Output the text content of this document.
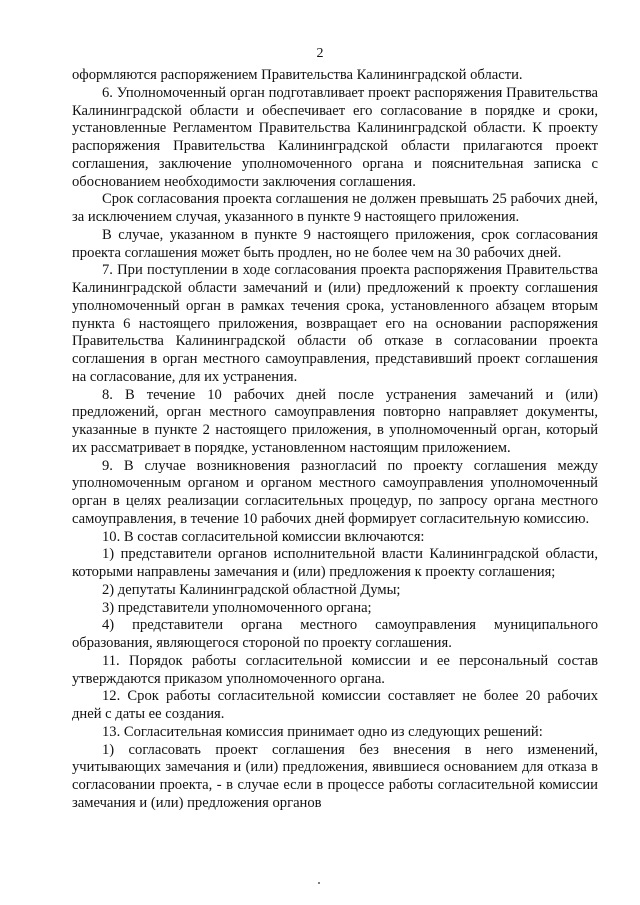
2

оформляются распоряжением Правительства Калининградской области.

6. Уполномоченный орган подготавливает проект распоряжения Правительства Калининградской области и обеспечивает его согласование в порядке и сроки, установленные Регламентом Правительства Калининградской области. К проекту распоряжения Правительства Калининградской области прилагаются проект соглашения, заключение уполномоченного органа и пояснительная записка с обоснованием необходимости заключения соглашения.

Срок согласования проекта соглашения не должен превышать 25 рабочих дней, за исключением случая, указанного в пункте 9 настоящего приложения.

В случае, указанном в пункте 9 настоящего приложения, срок согласования проекта соглашения может быть продлен, но не более чем на 30 рабочих дней.

7. При поступлении в ходе согласования проекта распоряжения Правительства Калининградской области замечаний и (или) предложений к проекту соглашения уполномоченный орган в рамках течения срока, установленного абзацем вторым пункта 6 настоящего приложения, возвращает его на основании распоряжения Правительства Калининградской области об отказе в согласовании проекта соглашения в орган местного самоуправления, представивший проект соглашения на согласование, для их устранения.

8. В течение 10 рабочих дней после устранения замечаний и (или) предложений, орган местного самоуправления повторно направляет документы, указанные в пункте 2 настоящего приложения, в уполномоченный орган, который их рассматривает в порядке, установленном настоящим приложением.

9. В случае возникновения разногласий по проекту соглашения между уполномоченным органом и органом местного самоуправления уполномоченный орган в целях реализации согласительных процедур, по запросу органа местного самоуправления, в течение 10 рабочих дней формирует согласительную комиссию.

10. В состав согласительной комиссии включаются:

1) представители органов исполнительной власти Калининградской области, которыми направлены замечания и (или) предложения к проекту соглашения;

2) депутаты Калининградской областной Думы;

3) представители уполномоченного органа;

4) представители органа местного самоуправления муниципального образования, являющегося стороной по проекту соглашения.

11. Порядок работы согласительной комиссии и ее персональный состав утверждаются приказом уполномоченного органа.

12. Срок работы согласительной комиссии составляет не более 20 рабочих дней с даты ее создания.

13. Согласительная комиссия принимает одно из следующих решений:

1) согласовать проект соглашения без внесения в него изменений, учитывающих замечания и (или) предложения, явившиеся основанием для отказа в согласовании проекта, - в случае если в процессе работы согласительной комиссии замечания и (или) предложения органов
